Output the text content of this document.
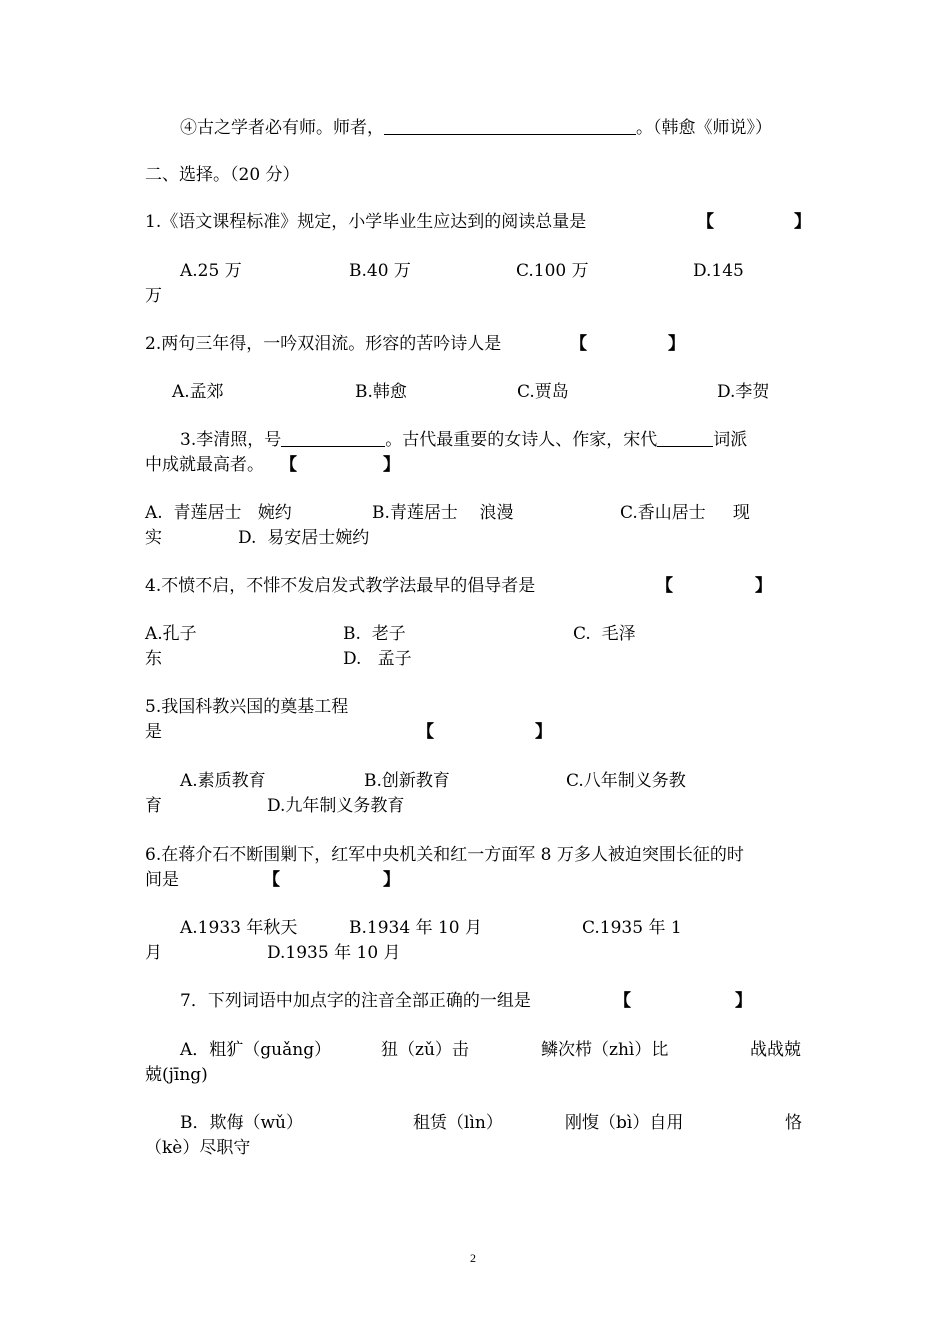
④古之学者必有师。师者，	。（韩愈《师说》）
二、选择。（20 分）
1.《语文课程标准》规定，小学毕业生应达到的阅读总量是	【	】
A.25 万	B.40 万	C.100 万	D.145
万
2.两句三年得，一吟双泪流。形容的苦吟诗人是	【	】
A.孟郊	B.韩愈	C.贾岛	D.李贺
3.李清照，号	。古代最重要的女诗人、作家，宋代	词派
中成就最高者。 【	】
A.  青莲居士   婉约	B.青莲居士    浪漫	C.香山居士     现
实	D.  易安居士婉约
4.不愤不启，不悱不发启发式教学法最早的倡导者是	【	】
A.孔子	B.  老子	C.  毛泽
东	D.   孟子
5.我国科教兴国的奠基工程
是	【	】
A.素质教育	B.创新教育	C.八年制义务教
育	D.九年制义务教育
6.在蒋介石不断围剿下，红军中央机关和红一方面军 8 万多人被迫突围长征的时
间是	【	】
A.1933 年秋天	B.1934 年 10 月	C.1935 年 1
月	D.1935 年 10 月
7．下列词语中加点字的注音全部正确的一组是	【	】
A．粗犷（guǎng）	狃（zǔ）击	鳞次栉（zhì）比	战战兢
兢(jīng)
B．欺侮（wǔ）	租赁（lìn）	刚愎（bì）自用	恪
（kè）尽职守
2
